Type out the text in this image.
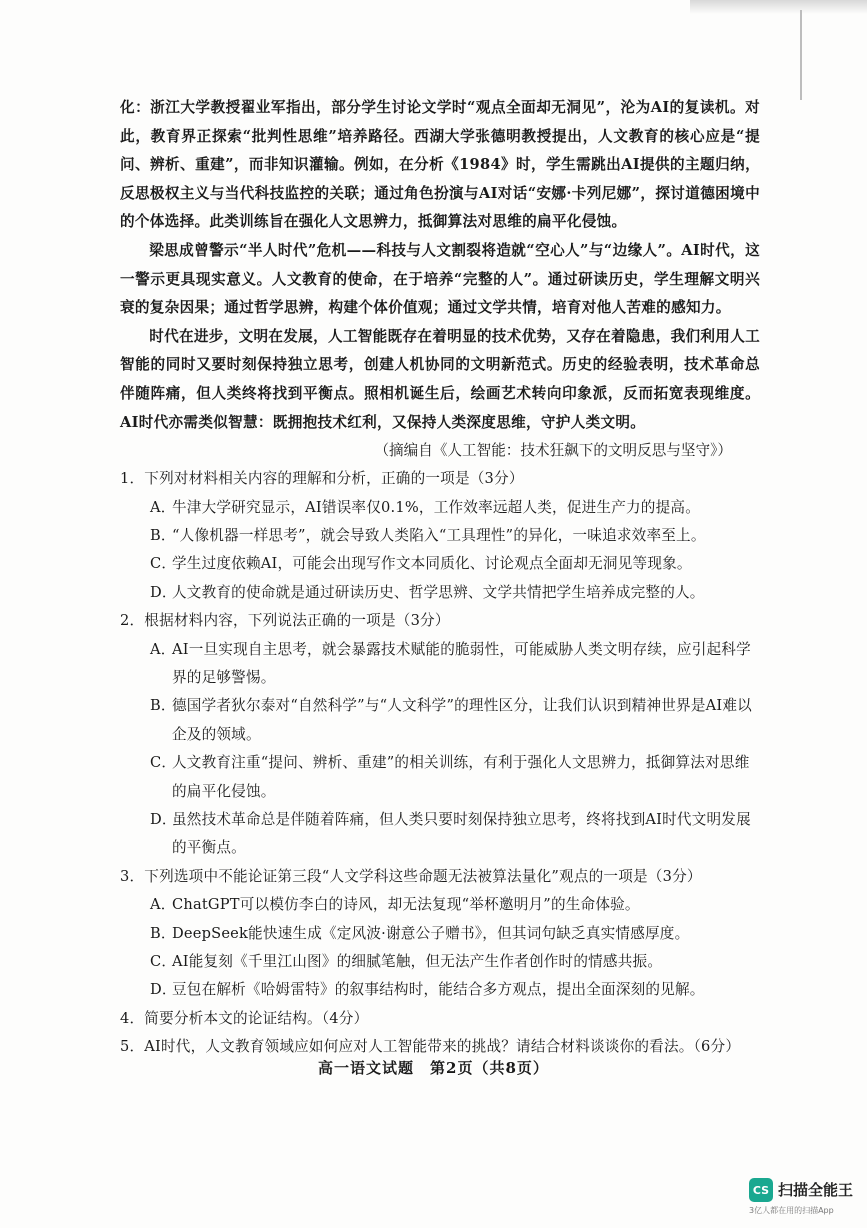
化：浙江大学教授翟业军指出，部分学生讨论文学时“观点全面却无洞见”，沦为AI的复读机。对此，教育界正探索“批判性思维”培养路径。西湖大学张德明教授提出，人文教育的核心应是“提问、辨析、重建”，而非知识灌输。例如，在分析《1984》时，学生需跳出AI提供的主题归纳，反思极权主义与当代科技监控的关联；通过角色扮演与AI对话“安娜·卡列尼娜”，探讨道德困境中的个体选择。此类训练旨在强化人文思辨力，抵御算法对思维的扁平化侵蚀。

梁思成曾警示“半人时代”危机——科技与人文割裂将造就“空心人”与“边缘人”。AI时代，这一警示更具现实意义。人文教育的使命，在于培养“完整的人”。通过研读历史，学生理解文明兴衰的复杂因果；通过哲学思辨，构建个体价值观；通过文学共情，培育对他人苦难的感知力。

时代在进步，文明在发展，人工智能既存在着明显的技术优势，又存在着隐患，我们利用人工智能的同时又要时刻保持独立思考，创建人机协同的文明新范式。历史的经验表明，技术革命总伴随阵痛，但人类终将找到平衡点。照相机诞生后，绘画艺术转向印象派，反而拓宽表现维度。AI时代亦需类似智慧：既拥抱技术红利，又保持人类深度思维，守护人类文明。

（摘编自《人工智能：技术狂飙下的文明反思与坚守》）

1．下列对材料相关内容的理解和分析，正确的一项是（3分）

A．牛津大学研究显示，AI错误率仅0.1%，工作效率远超人类，促进生产力的提高。

B．“人像机器一样思考”，就会导致人类陷入“工具理性”的异化，一味追求效率至上。

C．学生过度依赖AI，可能会出现写作文本同质化、讨论观点全面却无洞见等现象。

D．人文教育的使命就是通过研读历史、哲学思辨、文学共情把学生培养成完整的人。

2．根据材料内容，下列说法正确的一项是（3分）

A．AI一旦实现自主思考，就会暴露技术赋能的脆弱性，可能威胁人类文明存续，应引起科学界的足够警惕。

B．德国学者狄尔泰对“自然科学”与“人文科学”的理性区分，让我们认识到精神世界是AI难以企及的领域。

C．人文教育注重“提问、辨析、重建”的相关训练，有利于强化人文思辨力，抵御算法对思维的扁平化侵蚀。

D．虽然技术革命总是伴随着阵痛，但人类只要时刻保持独立思考，终将找到AI时代文明发展的平衡点。

3．下列选项中不能论证第三段“人文学科这些命题无法被算法量化”观点的一项是（3分）

A．ChatGPT可以模仿李白的诗风，却无法复现“举杯邀明月”的生命体验。

B．DeepSeek能快速生成《定风波·谢意公子赠书》，但其词句缺乏真实情感厚度。

C．AI能复刻《千里江山图》的细腻笔触，但无法产生作者创作时的情感共振。

D．豆包在解析《哈姆雷特》的叙事结构时，能结合多方观点，提出全面深刻的见解。

4．简要分析本文的论证结构。（4分）

5．AI时代，人文教育领域应如何应对人工智能带来的挑战？请结合材料谈谈你的看法。（6分）

高一语文试题　第2页（共8页）
CS 扫描全能王
3亿人都在用的扫描App
